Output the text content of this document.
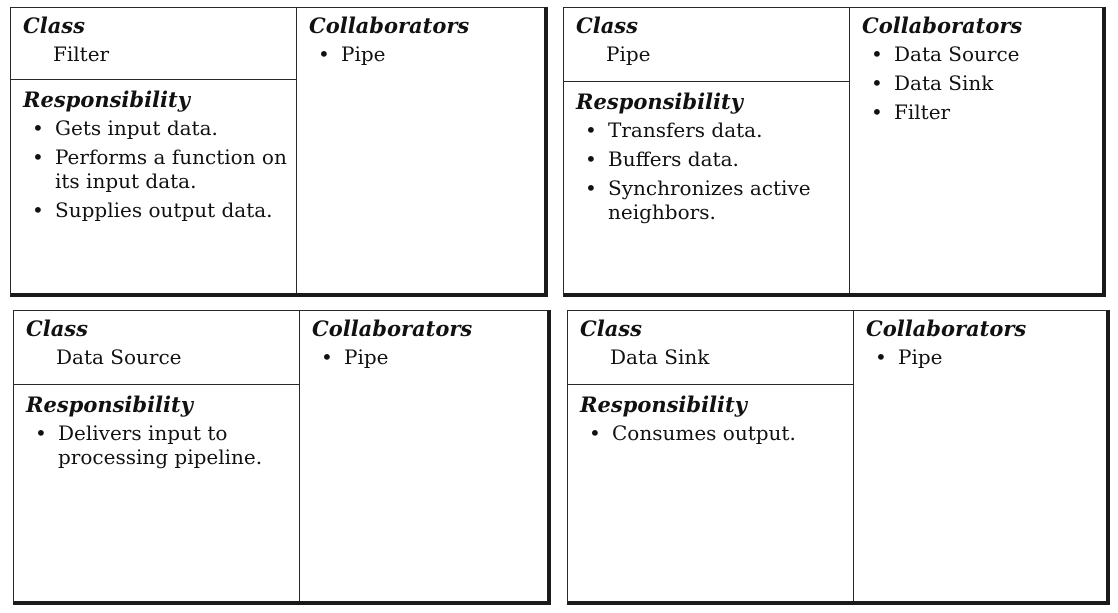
Class
Filter
Responsibility
• Gets input data.
• Performs a function on its input data.
• Supplies output data.
Collaborators
• Pipe
Class
Pipe
Responsibility
• Transfers data.
• Buffers data.
• Synchronizes active neighbors.
Collaborators
• Data Source
• Data Sink
• Filter
Class
Data Source
Responsibility
• Delivers input to processing pipeline.
Collaborators
• Pipe
Class
Data Sink
Responsibility
• Consumes output.
Collaborators
• Pipe
